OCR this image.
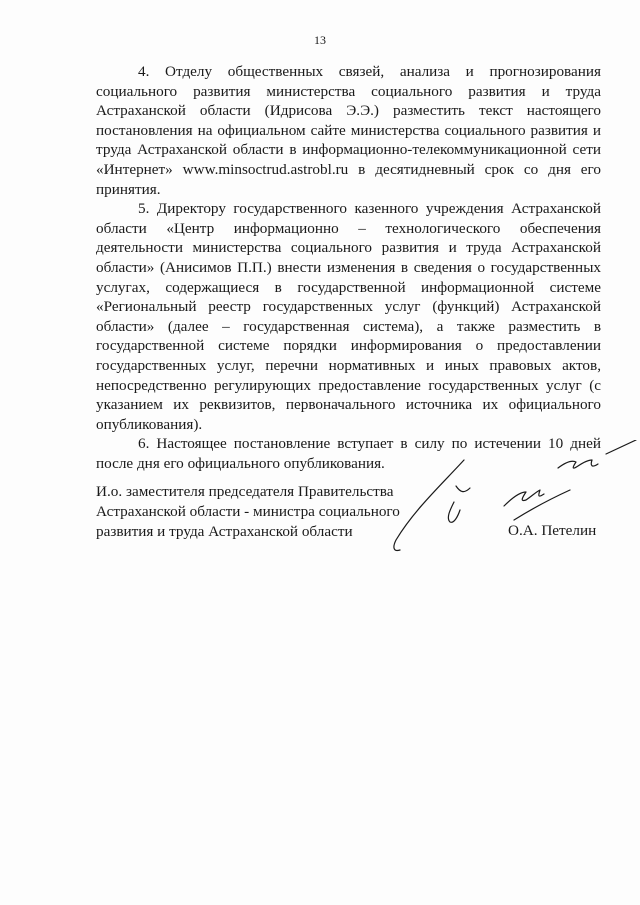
13

4. Отделу общественных связей, анализа и прогнозирования социального развития министерства социального развития и труда Астраханской области (Идрисова Э.Э.) разместить текст настоящего постановления на официальном сайте министерства социального развития и труда Астраханской области в информационно-телекоммуникационной сети «Интернет» www.minsoctrud.astrobl.ru в десятидневный срок со дня его принятия.

5. Директору государственного казенного учреждения Астраханской области «Центр информационно – технологического обеспечения деятельности министерства социального развития и труда Астраханской области» (Анисимов П.П.) внести изменения в сведения о государственных услугах, содержащиеся в государственной информационной системе «Региональный реестр государственных услуг (функций) Астраханской области» (далее – государственная система), а также разместить в государственной системе порядки информирования о предоставлении государственных услуг, перечни нормативных и иных правовых актов, непосредственно регулирующих предоставление государственных услуг (с указанием их реквизитов, первоначального источника их официального опубликования).

6. Настоящее постановление вступает в силу по истечении 10 дней после дня его официального опубликования.

И.о. заместителя председателя Правительства
Астраханской области - министра социального
развития и труда Астраханской области	О.А. Петелин
